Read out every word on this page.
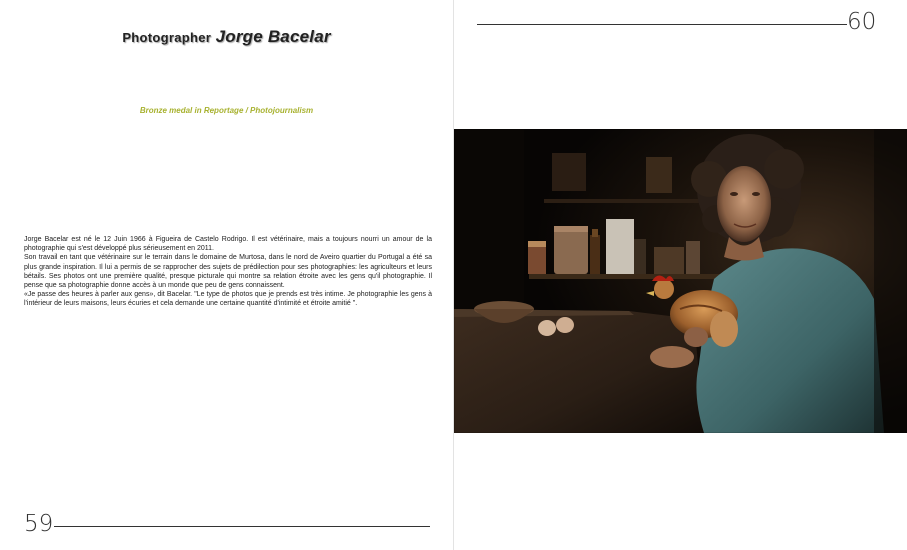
Photographer Jorge Bacelar
Bronze medal in Reportage / Photojournalism

Jorge Bacelar est né le 12 Juin 1966 à Figueira de Castelo Rodrigo. Il est vétérinaire, mais a toujours nourri un amour de la photographie qui s'est développé plus sérieusement en 2011.

Son travail en tant que vétérinaire sur le terrain dans le domaine de Murtosa, dans le nord de Aveiro quartier du Portugal a été sa plus grande inspiration. Il lui a permis de se rapprocher des sujets de prédilection pour ses photographies: les agriculteurs et leurs bétails. Ses photos ont une première qualité, presque picturale qui montre sa relation étroite avec les gens qu'il photographie. Il pense que sa photographie donne accès à un monde que peu de gens connaissent.

«Je passe des heures à parler aux gens», dit Bacelar. "Le type de photos que je prends est très intime. Je photographie les gens à l'intérieur de leurs maisons, leurs écuries et cela demande une certaine quantité d'intimité et étroite amitié ".

59
60
